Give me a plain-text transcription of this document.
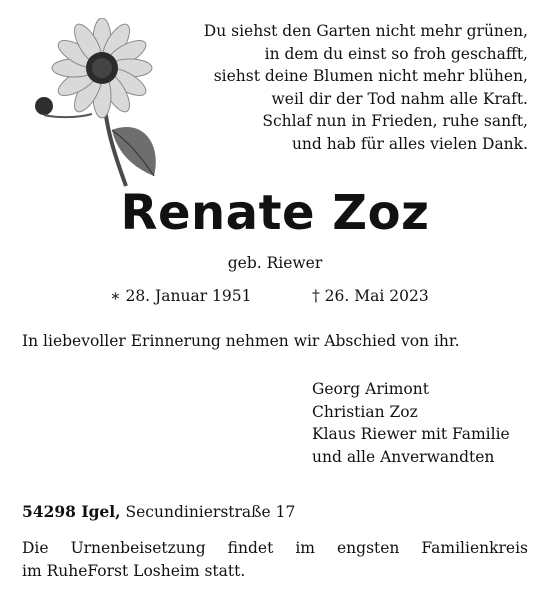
Du siehst den Garten nicht mehr grünen,
in dem du einst so froh geschafft,
siehst deine Blumen nicht mehr blühen,
weil dir der Tod nahm alle Kraft.
Schlaf nun in Frieden, ruhe sanft,
und hab für alles vielen Dank.
Renate Zoz
geb. Riewer
∗ 28. Januar 1951	† 26. Mai 2023
In liebevoller Erinnerung nehmen wir Abschied von ihr.
Georg Arimont
Christian Zoz
Klaus Riewer mit Familie
und alle Anverwandten
54298 Igel, Secundinierstraße 17
Die Urnenbeisetzung findet im engsten Familienkreis
im RuheForst Losheim statt.
